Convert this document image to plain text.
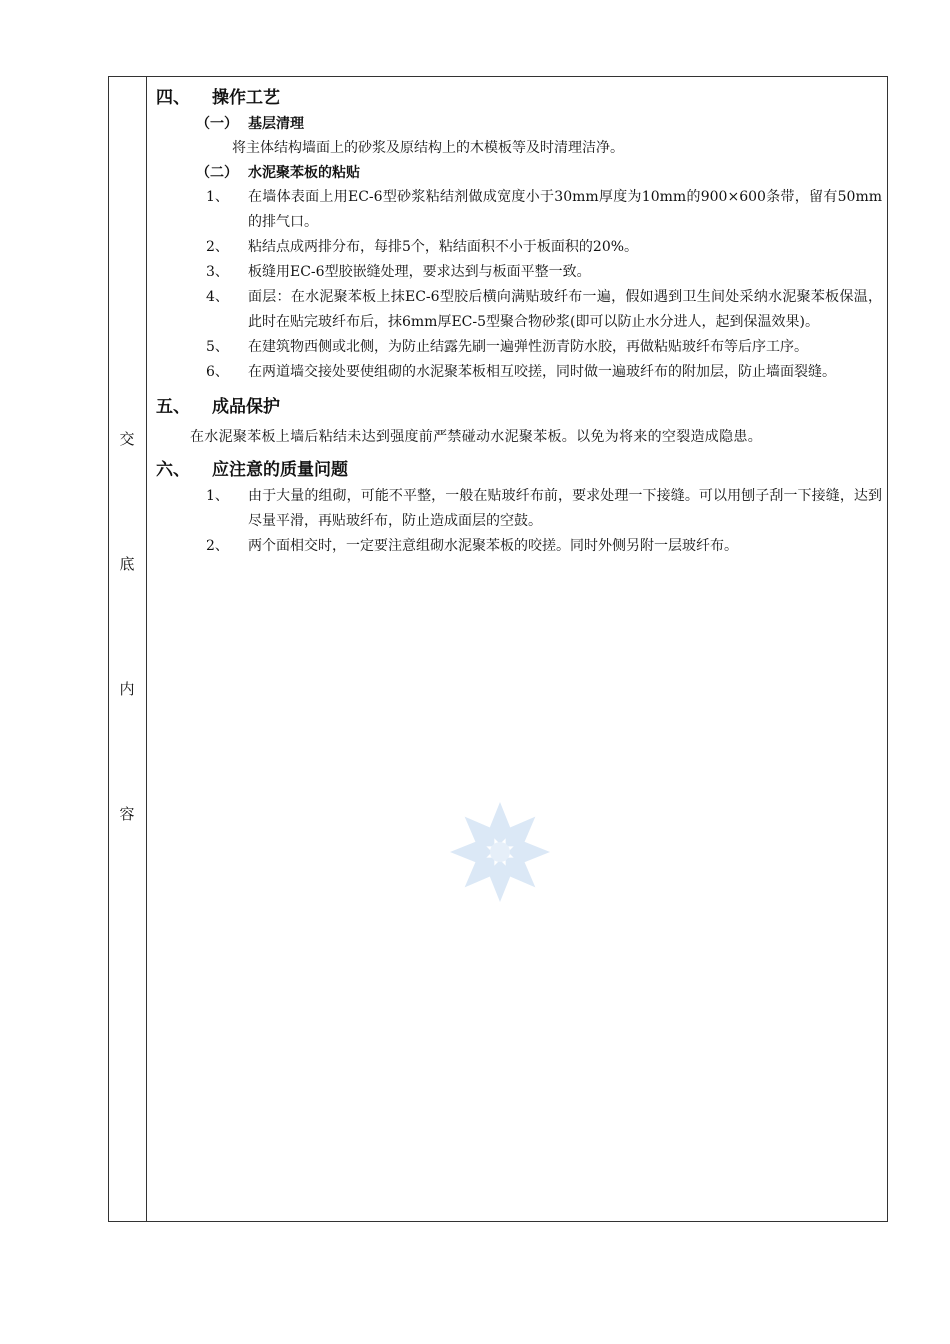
交
底
内
容
四、	操作工艺
（一） 基层清理

将主体结构墙面上的砂浆及原结构上的木模板等及时清理洁净。

（二） 水泥聚苯板的粘贴
1、	在墙体表面上用EC-6型砂浆粘结剂做成宽度小于30mm厚度为10mm的900×600条带，留有50mm的排气口。
2、	粘结点成两排分布，每排5个，粘结面积不小于板面积的20%。
3、	板缝用EC-6型胶嵌缝处理，要求达到与板面平整一致。
4、	面层：在水泥聚苯板上抹EC-6型胶后横向满贴玻纤布一遍，假如遇到卫生间处采纳水泥聚苯板保温，此时在贴完玻纤布后，抹6mm厚EC-5型聚合物砂浆(即可以防止水分进人，起到保温效果)。
5、	在建筑物西侧或北侧，为防止结露先刷一遍弹性沥青防水胶，再做粘贴玻纤布等后序工序。
6、	在两道墙交接处要使组砌的水泥聚苯板相互咬搓，同时做一遍玻纤布的附加层，防止墙面裂缝。
五、	成品保护

在水泥聚苯板上墙后粘结未达到强度前严禁碰动水泥聚苯板。以免为将来的空裂造成隐患。

六、	应注意的质量问题
1、	由于大量的组砌，可能不平整，一般在贴玻纤布前，要求处理一下接缝。可以用刨子刮一下接缝，达到尽量平滑，再贴玻纤布，防止造成面层的空鼓。
2、	两个面相交时，一定要注意组砌水泥聚苯板的咬搓。同时外侧另附一层玻纤布。
